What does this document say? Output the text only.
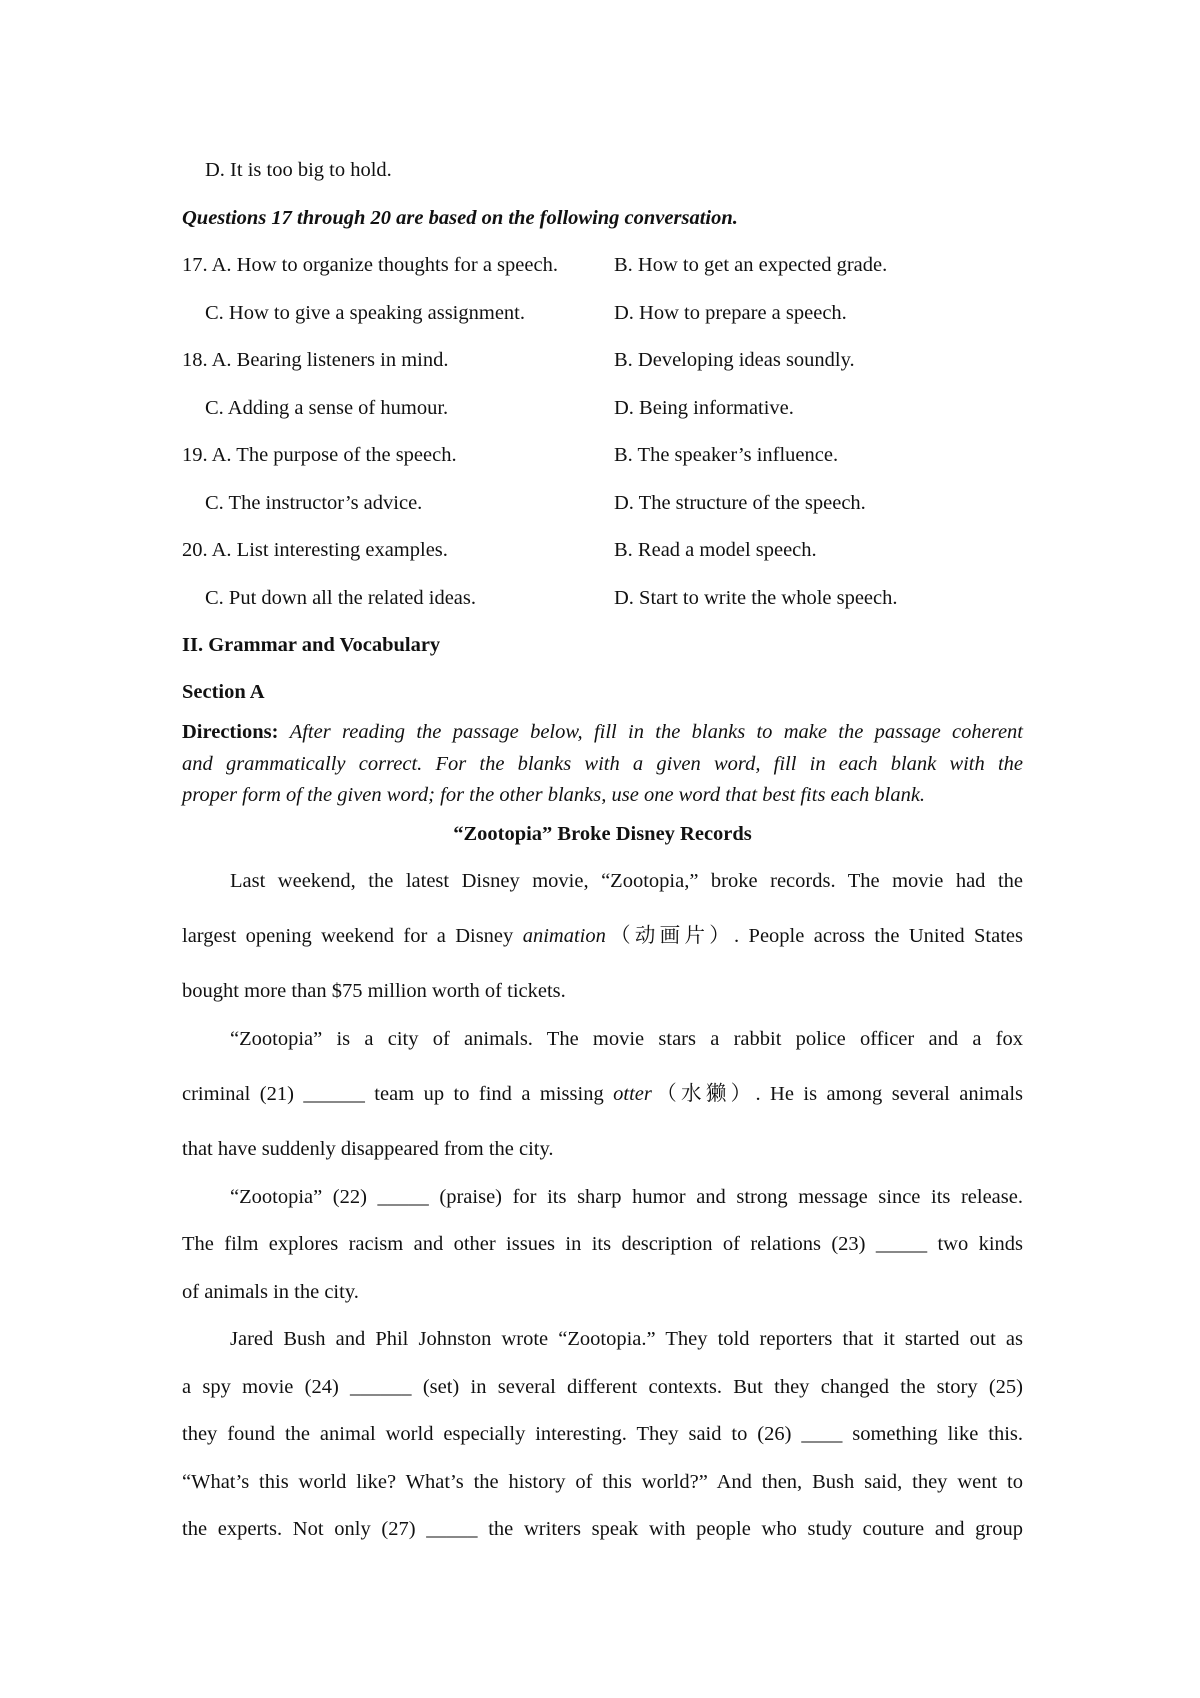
D. It is too big to hold.
Questions 17 through 20 are based on the following conversation.
17. A. How to organize thoughts for a speech.	B. How to get an expected grade.
C. How to give a speaking assignment.	D. How to prepare a speech.
18. A. Bearing listeners in mind.	B. Developing ideas soundly.
C. Adding a sense of humour.	D. Being informative.
19. A. The purpose of the speech.	B. The speaker’s influence.
C. The instructor’s advice.	D. The structure of the speech.
20. A. List interesting examples.	B. Read a model speech.
C. Put down all the related ideas.	D. Start to write the whole speech.
II. Grammar and Vocabulary
Section A
Directions: After reading the passage below, fill in the blanks to make the passage coherent
and grammatically correct. For the blanks with a given word, fill in each blank with the
proper form of the given word; for the other blanks, use one word that best fits each blank.
“Zootopia” Broke Disney Records
Last weekend, the latest Disney movie, “Zootopia,” broke records. The movie had the
largest opening weekend for a Disney animation（动画片）. People across the United States
bought more than $75 million worth of tickets.
“Zootopia” is a city of animals. The movie stars a rabbit police officer and a fox
criminal (21) ______ team up to find a missing otter（水獭）. He is among several animals
that have suddenly disappeared from the city.
“Zootopia” (22) _____ (praise) for its sharp humor and strong message since its release.
The film explores racism and other issues in its description of relations (23) _____ two kinds
of animals in the city.
Jared Bush and Phil Johnston wrote “Zootopia.” They told reporters that it started out as
a spy movie (24) ______ (set) in several different contexts. But they changed the story (25)
they found the animal world especially interesting. They said to (26) ____ something like this.
“What’s this world like? What’s the history of this world?” And then, Bush said, they went to
the experts. Not only (27) _____ the writers speak with people who study couture and group
